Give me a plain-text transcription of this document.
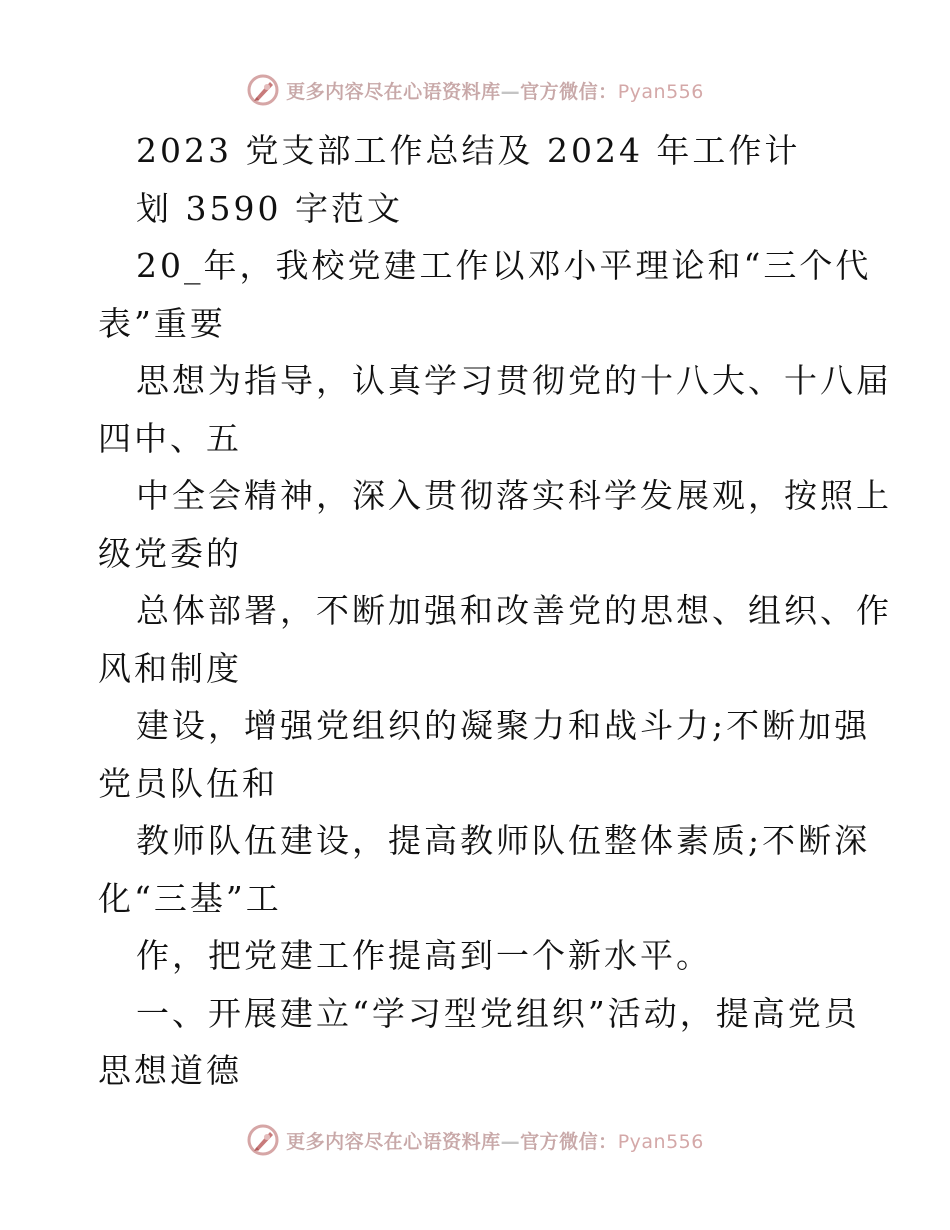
更多内容尽在心语资料库—官方微信：Pyan556
2023 党支部工作总结及 2024 年工作计
划 3590 字范文
20_年，我校党建工作以邓小平理论和“三个代
表”重要
思想为指导，认真学习贯彻党的十八大、十八届
四中、五
中全会精神，深入贯彻落实科学发展观，按照上
级党委的
总体部署，不断加强和改善党的思想、组织、作
风和制度
建设，增强党组织的凝聚力和战斗力;不断加强
党员队伍和
教师队伍建设，提高教师队伍整体素质;不断深
化“三基”工
作，把党建工作提高到一个新水平。
一、开展建立“学习型党组织”活动，提高党员
思想道德
更多内容尽在心语资料库—官方微信：Pyan556
